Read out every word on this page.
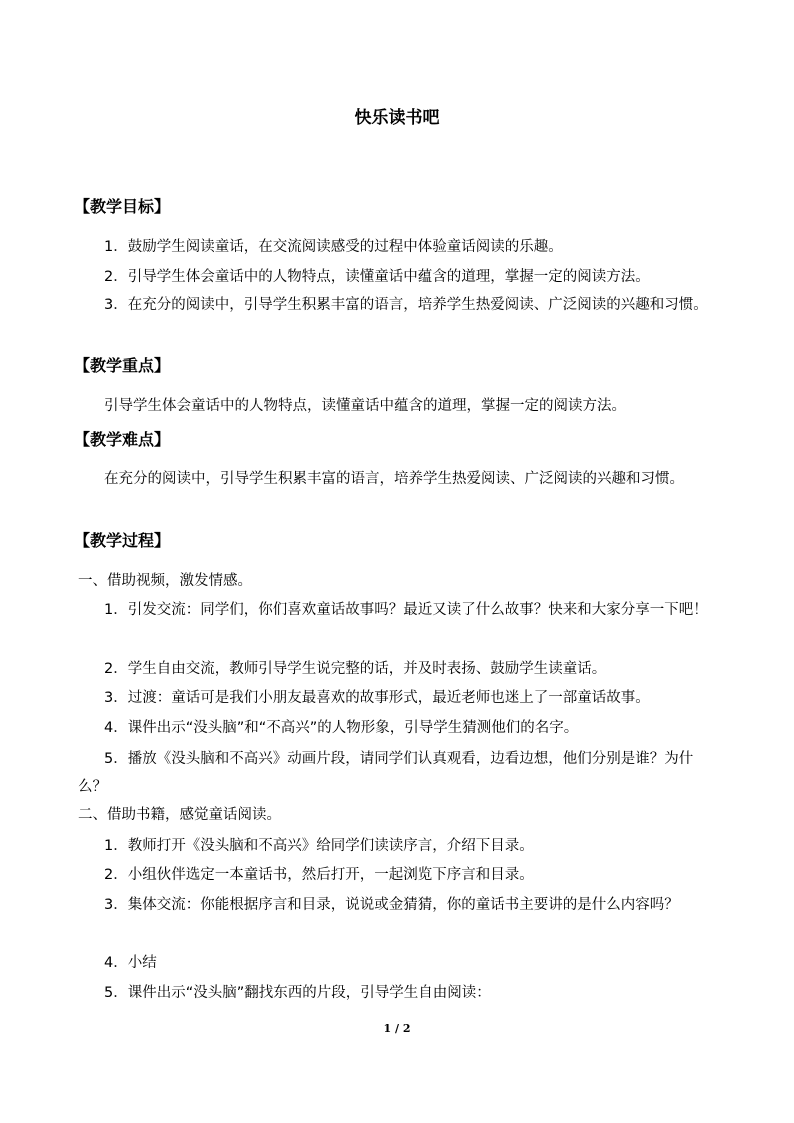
快乐读书吧
【教学目标】
1．鼓励学生阅读童话，在交流阅读感受的过程中体验童话阅读的乐趣。
2．引导学生体会童话中的人物特点，读懂童话中蕴含的道理，掌握一定的阅读方法。
3．在充分的阅读中，引导学生积累丰富的语言，培养学生热爱阅读、广泛阅读的兴趣和习惯。
【教学重点】
引导学生体会童话中的人物特点，读懂童话中蕴含的道理，掌握一定的阅读方法。
【教学难点】
在充分的阅读中，引导学生积累丰富的语言，培养学生热爱阅读、广泛阅读的兴趣和习惯。
【教学过程】
一、借助视频，激发情感。
1．引发交流：同学们，你们喜欢童话故事吗？最近又读了什么故事？快来和大家分享一下吧！
2．学生自由交流，教师引导学生说完整的话，并及时表扬、鼓励学生读童话。
3．过渡：童话可是我们小朋友最喜欢的故事形式，最近老师也迷上了一部童话故事。
4．课件出示“没头脑”和“不高兴”的人物形象，引导学生猜测他们的名字。
5．播放《没头脑和不高兴》动画片段，请同学们认真观看，边看边想，他们分别是谁？为什么？
二、借助书籍，感觉童话阅读。
1．教师打开《没头脑和不高兴》给同学们读读序言，介绍下目录。
2．小组伙伴选定一本童话书，然后打开，一起浏览下序言和目录。
3．集体交流：你能根据序言和目录，说说或金猜猜，你的童话书主要讲的是什么内容吗？
4．小结
5．课件出示“没头脑”翻找东西的片段，引导学生自由阅读：
1 / 2
